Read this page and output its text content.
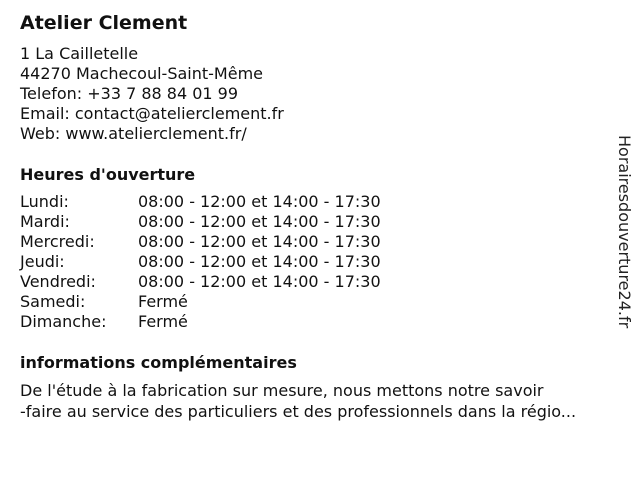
Atelier Clement
1 La Cailletelle
44270 Machecoul-Saint-Même
Telefon: +33 7 88 84 01 99
Email: contact@atelierclement.fr
Web: www.atelierclement.fr/
Heures d'ouverture
Lundi:	08:00 - 12:00 et 14:00 - 17:30
Mardi:	08:00 - 12:00 et 14:00 - 17:30
Mercredi:	08:00 - 12:00 et 14:00 - 17:30
Jeudi:	08:00 - 12:00 et 14:00 - 17:30
Vendredi:	08:00 - 12:00 et 14:00 - 17:30
Samedi:	Fermé
Dimanche:	Fermé
informations complémentaires
De l'étude à la fabrication sur mesure, nous mettons notre savoir
-faire au service des particuliers et des professionnels dans la régio...
Horairesdouverture24.fr
